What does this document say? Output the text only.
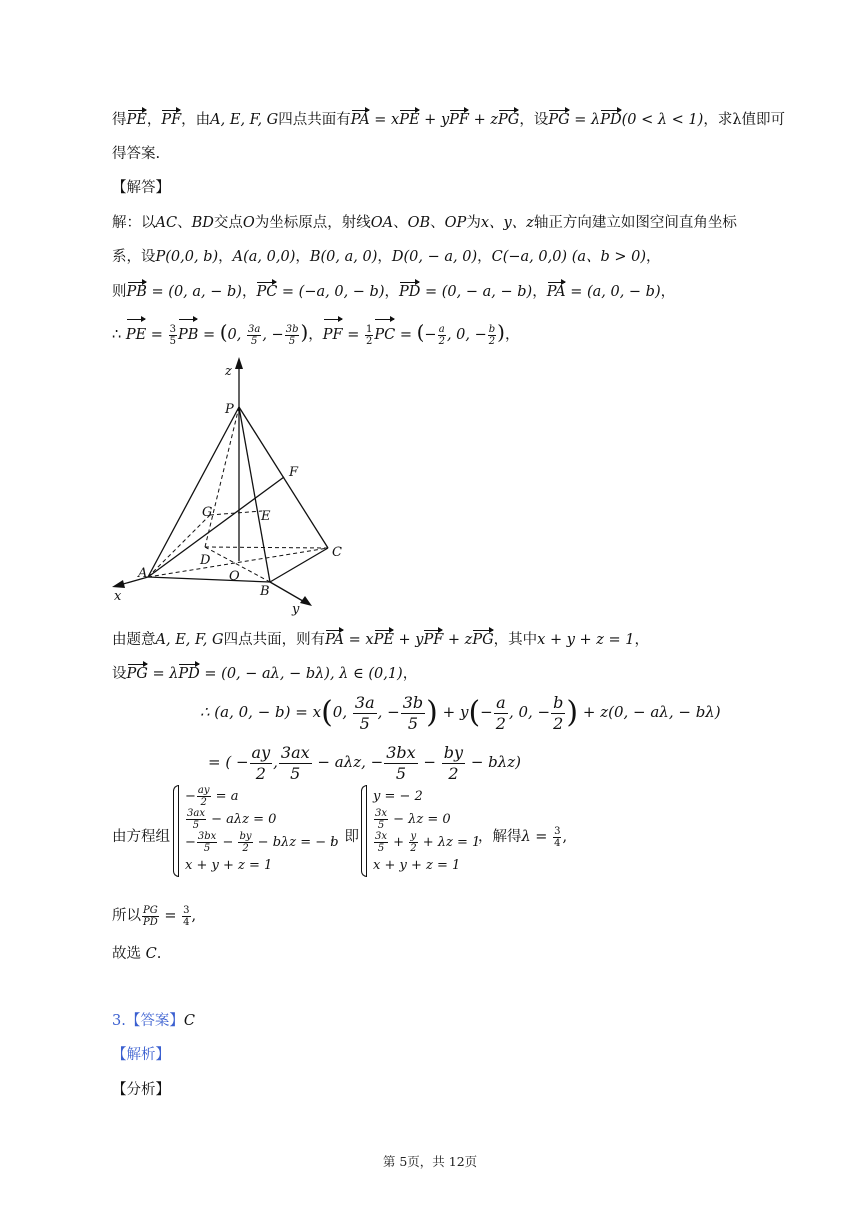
得PE，PF，由A, E, F, G四点共面有PA = xPE + yPF + zPG，设PG = λPD(0 < λ < 1)，求λ值即可
得答案.
【解答】
解：以AC、BD交点O为坐标原点，射线OA、OB、OP为x、y、z轴正方向建立如图空间直角坐标
系，设P(0,0, b)，A(a, 0,0)，B(0, a, 0)，D(0, − a, 0)，C(−a, 0,0) (a、b > 0)，
则PB = (0, a, − b)，PC = (−a, 0, − b)，PD = (0, − a, − b)，PA = (a, 0, − b)，
∴ PE = $\frac{3}{5}$ PB = (0, $\frac{3a}{5}$ , − $\frac{3b}{5}$ )，PF = $\frac{1}{2}$ PC = (− $\frac{a}{2}$ , 0, − $\frac{b}{2}$ )，
z
P
F
G	E
C
A
D
O
x	B
y
由题意A, E, F, G四点共面，则有PA = xPE + yPF + zPG，其中x + y + z = 1，
设PG = λPD = (0, − aλ, − bλ), λ ∈ (0,1)，
∴ (a, 0, − b) = x(0, $\frac{3a}{5}$ , − $\frac{3b}{5}$ ) + $y(- \frac{a}{2}$ , 0, − $\frac{b}{2}$ ) + z(0, − aλ, − bλ)
= ( − $\frac{ay}{2}$ , $\frac{3ax}{5} - a\lambda z$, − $\frac{3bx}{5} - \frac{by}{2} - b\lambda z$)
由方程组
− $\frac{ay}{2} = a$
$\frac{3ax}{5} - a\lambda z = 0$
− $\frac{3bx}{5} - \frac{by}{2} - b\lambda z$ = − b
x + y + z = 1
，即
y = − 2
$\frac{3x}{5} - \lambda z = 0$
$\frac{3x}{5} + \frac{y}{2} + \lambda z = 1$
x + y + z = 1
，解得$\lambda = \frac{3}{4}$ ,
所以 $\frac{PG}{PD} = \frac{3}{4}$ ,
故选 C.
3.【答案】C
【解析】
【分析】
第 5页，共 12页
